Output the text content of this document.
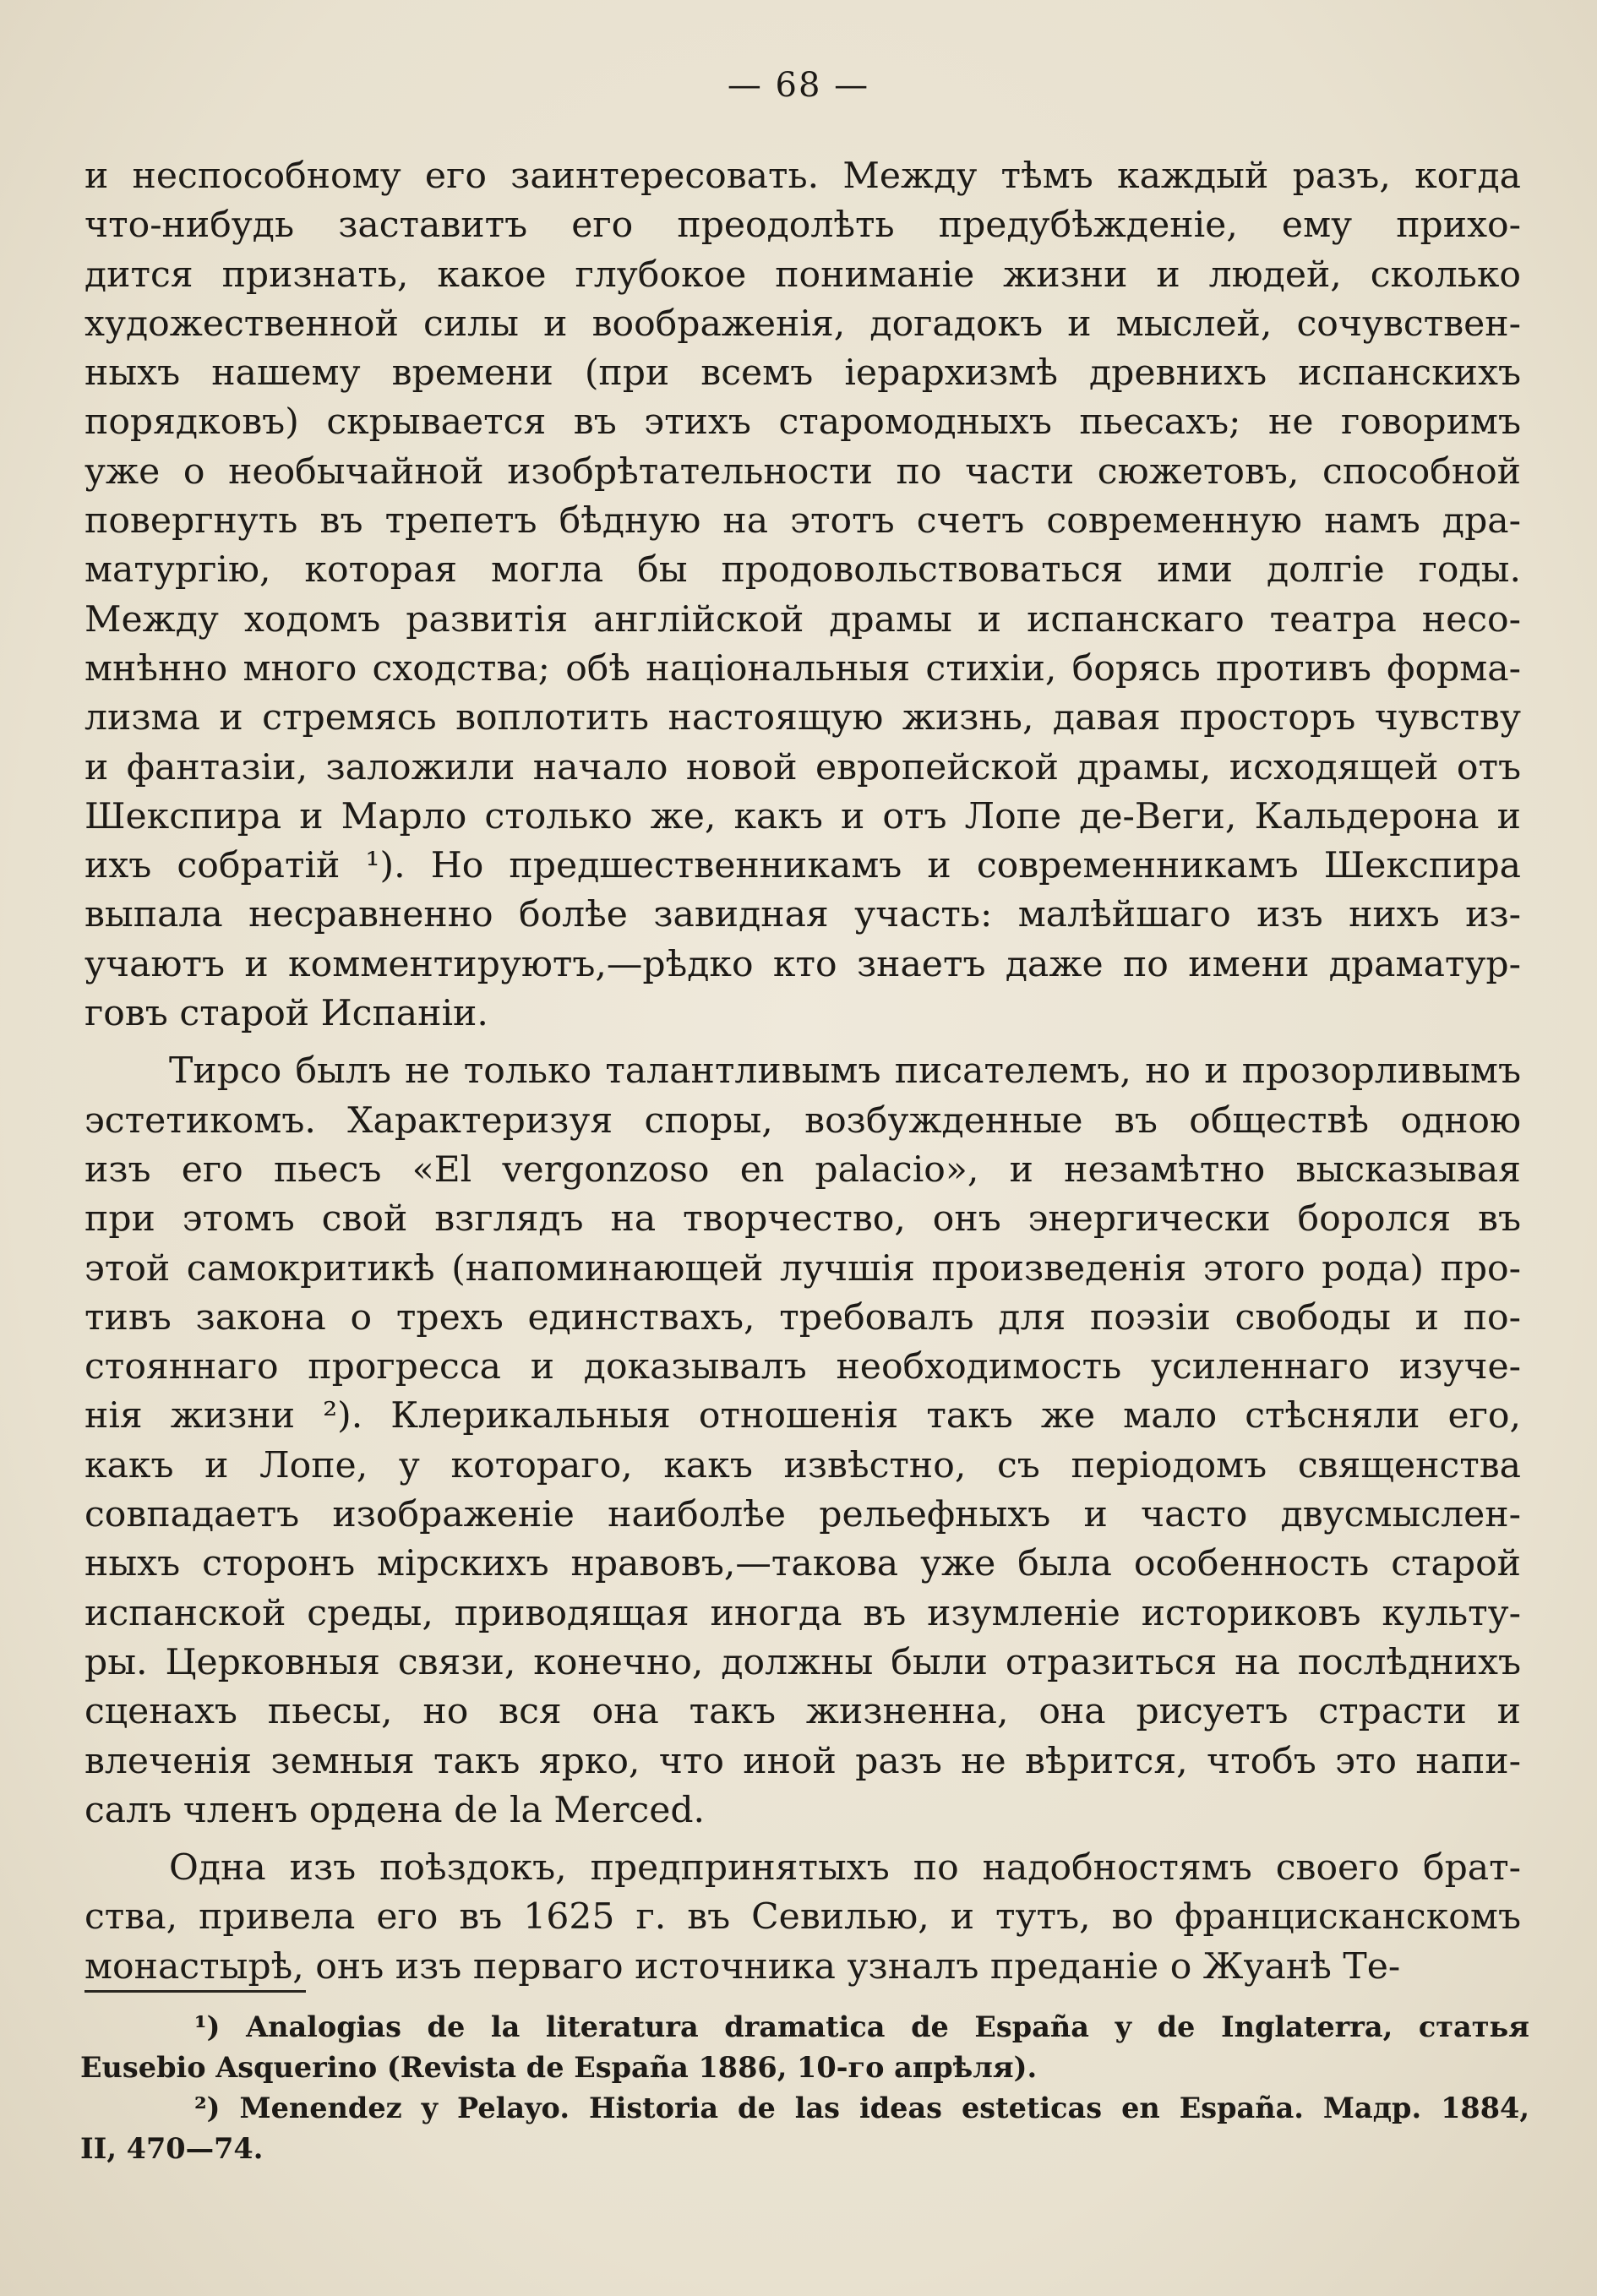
— 68 —
и неспособному его заинтересовать. Между тѣмъ каждый разъ, когда
что-нибудь заставитъ его преодолѣть предубѣжденіе, ему прихо-
дится признать, какое глубокое пониманіе жизни и людей, сколько
художественной силы и воображенія, догадокъ и мыслей, сочувствен-
ныхъ нашему времени (при всемъ іерархизмѣ древнихъ испанскихъ
порядковъ) скрывается въ этихъ старомодныхъ пьесахъ; не говоримъ
уже о необычайной изобрѣтательности по части сюжетовъ, способной
повергнуть въ трепетъ бѣдную на этотъ счетъ современную намъ дра-
матургію, которая могла бы продовольствоваться ими долгіе годы.
Между ходомъ развитія англійской драмы и испанскаго театра несо-
мнѣнно много сходства; обѣ національныя стихіи, борясь противъ форма-
лизма и стремясь воплотить настоящую жизнь, давая просторъ чувству
и фантазіи, заложили начало новой европейской драмы, исходящей отъ
Шекспира и Марло столько же, какъ и отъ Лопе де-Веги, Кальдерона и
ихъ собратій ¹). Но предшественникамъ и современникамъ Шекспира
выпала несравненно болѣе завидная участь: малѣйшаго изъ нихъ из-
учаютъ и комментируютъ,—рѣдко кто знаетъ даже по имени драматур-
говъ старой Испаніи.
Тирсо былъ не только талантливымъ писателемъ, но и прозорливымъ
эстетикомъ. Характеризуя споры, возбужденные въ обществѣ одною
изъ его пьесъ «El vergonzoso en palacio», и незамѣтно высказывая
при этомъ свой взглядъ на творчество, онъ энергически боролся въ
этой самокритикѣ (напоминающей лучшія произведенія этого рода) про-
тивъ закона о трехъ единствахъ, требовалъ для поэзіи свободы и по-
стояннаго прогресса и доказывалъ необходимость усиленнаго изуче-
нія жизни ²). Клерикальныя отношенія такъ же мало стѣсняли его,
какъ и Лопе, у котораго, какъ извѣстно, съ періодомъ священства
совпадаетъ изображеніе наиболѣе рельефныхъ и часто двусмыслен-
ныхъ сторонъ мірскихъ нравовъ,—такова уже была особенность старой
испанской среды, приводящая иногда въ изумленіе историковъ культу-
ры. Церковныя связи, конечно, должны были отразиться на послѣднихъ
сценахъ пьесы, но вся она такъ жизненна, она рисуетъ страсти и
влеченія земныя такъ ярко, что иной разъ не вѣрится, чтобъ это напи-
салъ членъ ордена de la Merced.
Одна изъ поѣздокъ, предпринятыхъ по надобностямъ своего брат-
ства, привела его въ 1625 г. въ Севилью, и тутъ, во францисканскомъ
монастырѣ, онъ изъ перваго источника узналъ преданіе о Жуанѣ Те-
¹) Analogias de la literatura dramatica de España y de Inglaterra, статья
Eusebio Asquerino (Revista de España 1886, 10-го апрѣля).
²) Menendez y Pelayo. Historia de las ideas esteticas en España. Мадр. 1884,
II, 470—74.
